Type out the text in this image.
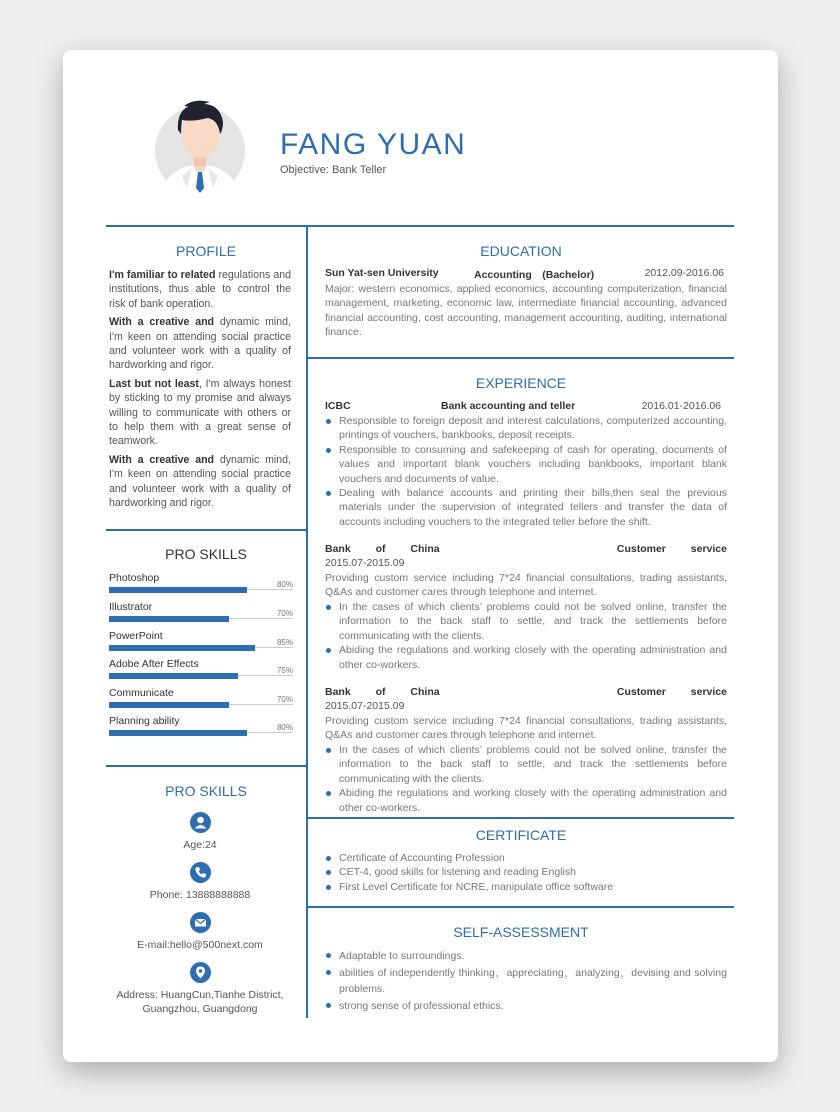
FANG YUAN
Objective: Bank Teller
PROFILE

I'm familiar to related regulations and institutions, thus able to control the risk of bank operation.

With a creative and dynamic mind, I'm keen on attending social practice and volunteer work with a quality of hardworking and rigor.

Last but not least, I'm always honest by sticking to my promise and always willing to communicate with others or to help them with a great sense of teamwork.

With a creative and dynamic mind, I'm keen on attending social practice and volunteer work with a quality of hardworking and rigor.

PRO SKILLS
Photoshop
80%
Illustrator
70%
PowerPoint
85%
Adobe After Effects
75%
Communicate
70%
Planning ability
80%
PRO SKILLS
Age:24
Phone: 13888888888
E-mail:hello@500next.com
Address: HuangCun,Tianhe District, Guangzhou, Guangdong
EDUCATION
Sun Yat-sen University	Accounting　(Bachelor)	2012.09-2016.06
Major: western economics, applied economics, accounting computerization, financial management, marketing, economic law, intermediate financial accounting, advanced financial accounting, cost accounting, management accounting, auditing, international finance.
EXPERIENCE
ICBC	Bank accounting and teller	2016.01-2016.06
Responsible to foreign deposit and interest calculations, computerized accounting, printings of vouchers, bankbooks, deposit receipts.
Responsible to consuming and safekeeping of cash for operating, documents of values and important blank vouchers including bankbooks, important blank vouchers and documents of value.
Dealing with balance accounts and printing their bills,then seal the previous materials under the supervision of integrated tellers and transfer the data of accounts including vouchers to the integrated teller before the shift.
Bank of China	Customer service
2015.07-2015.09
Providing custom service including 7*24 financial consultations, trading assistants, Q&As and customer cares through telephone and internet.
In the cases of which clients’ problems could not be solved online, transfer the information to the back staff to settle, and track the settlements before communicating with the clients.
Abiding the regulations and working closely with the operating administration and other co-workers.
Bank of China	Customer service
2015.07-2015.09
Providing custom service including 7*24 financial consultations, trading assistants, Q&As and customer cares through telephone and internet.
In the cases of which clients’ problems could not be solved online, transfer the information to the back staff to settle, and track the settlements before communicating with the clients.
Abiding the regulations and working closely with the operating administration and other co-workers.
CERTIFICATE
Certificate of Accounting Profession
CET-4, good skills for listening and reading English
First Level Certificate for NCRE, manipulate office software
SELF-ASSESSMENT
Adaptable to surroundings.
abilities of independently thinking，appreciating，analyzing，devising and solving problems.
strong sense of professional ethics.
